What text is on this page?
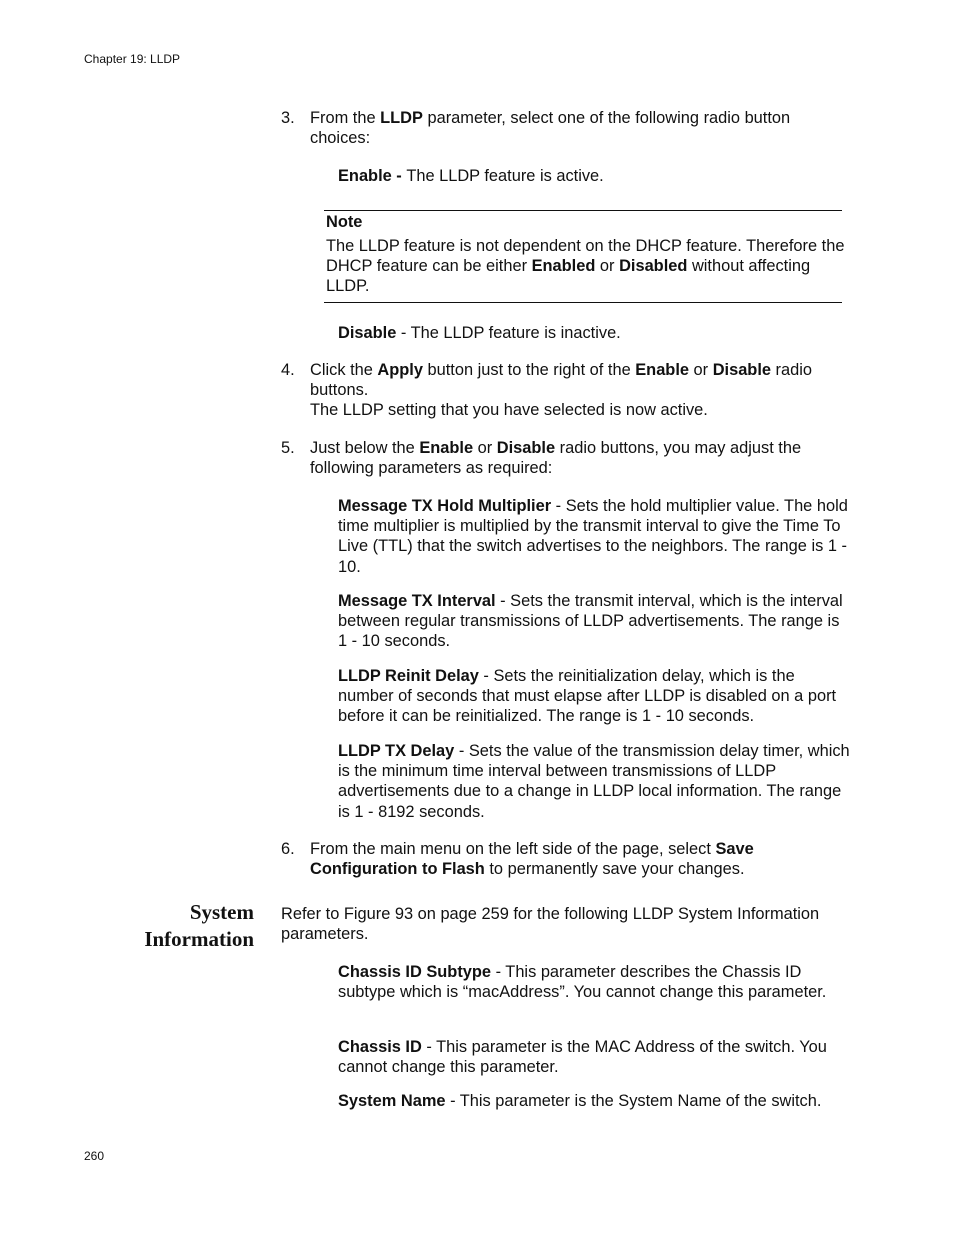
Chapter 19: LLDP
3. From the LLDP parameter, select one of the following radio button choices:

Enable - The LLDP feature is active.

Note

The LLDP feature is not dependent on the DHCP feature. Therefore the DHCP feature can be either Enabled or Disabled without affecting LLDP.

Disable - The LLDP feature is inactive.

4. Click the Apply button just to the right of the Enable or Disable radio buttons.
The LLDP setting that you have selected is now active.

5. Just below the Enable or Disable radio buttons, you may adjust the following parameters as required:

Message TX Hold Multiplier - Sets the hold multiplier value. The hold time multiplier is multiplied by the transmit interval to give the Time To Live (TTL) that the switch advertises to the neighbors. The range is 1 - 10.

Message TX Interval - Sets the transmit interval, which is the interval between regular transmissions of LLDP advertisements. The range is 1 - 10 seconds.

LLDP Reinit Delay - Sets the reinitialization delay, which is the number of seconds that must elapse after LLDP is disabled on a port before it can be reinitialized. The range is 1 - 10 seconds.

LLDP TX Delay - Sets the value of the transmission delay timer, which is the minimum time interval between transmissions of LLDP advertisements due to a change in LLDP local information. The range is 1 - 8192 seconds.

6. From the main menu on the left side of the page, select Save Configuration to Flash to permanently save your changes.

System
Information

Refer to Figure 93 on page 259 for the following LLDP System Information parameters.

Chassis ID Subtype - This parameter describes the Chassis ID subtype which is “macAddress”. You cannot change this parameter.

Chassis ID - This parameter is the MAC Address of the switch. You cannot change this parameter.

System Name - This parameter is the System Name of the switch.

260
